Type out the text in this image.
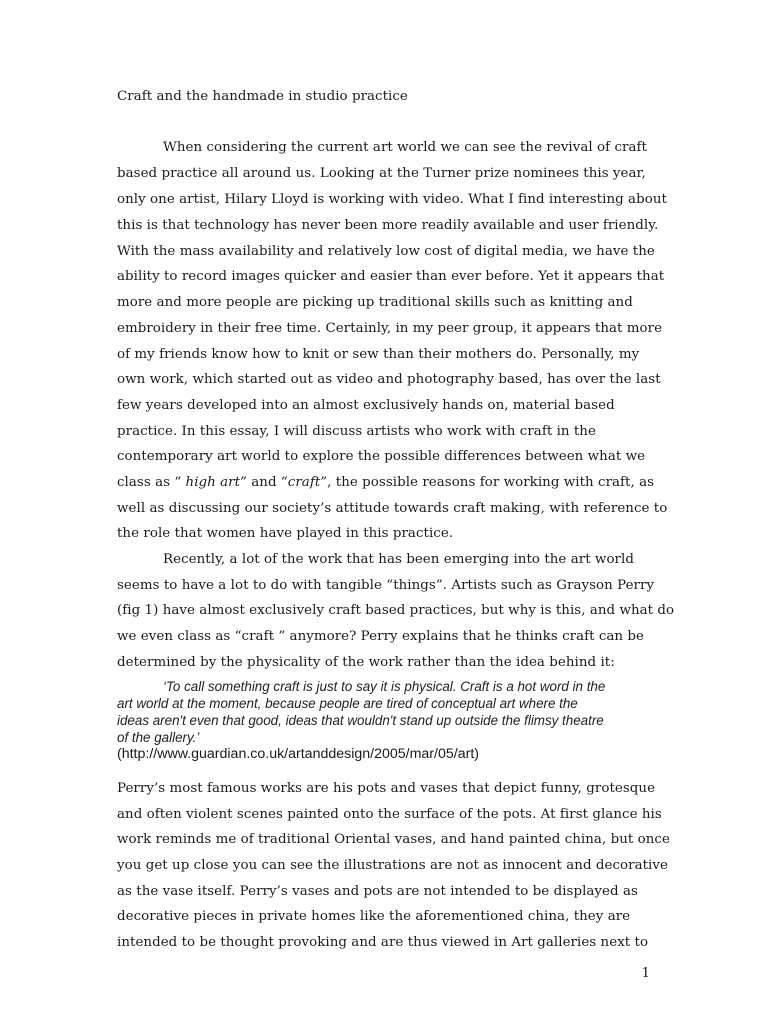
Craft and the handmade in studio practice
When considering the current art world we can see the revival of craft
based practice all around us. Looking at the Turner prize nominees this year,
only one artist, Hilary Lloyd is working with video. What I find interesting about
this is that technology has never been more readily available and user friendly.
With the mass availability and relatively low cost of digital media, we have the
ability to record images quicker and easier than ever before. Yet it appears that
more and more people are picking up traditional skills such as knitting and
embroidery in their free time. Certainly, in my peer group, it appears that more
of my friends know how to knit or sew than their mothers do. Personally, my
own work, which started out as video and photography based, has over the last
few years developed into an almost exclusively hands on, material based
practice. In this essay, I will discuss artists who work with craft in the
contemporary art world to explore the possible differences between what we
class as “ high art” and “craft”, the possible reasons for working with craft, as
well as discussing our society’s attitude towards craft making, with reference to
the role that women have played in this practice.
Recently, a lot of the work that has been emerging into the art world
seems to have a lot to do with tangible “things”. Artists such as Grayson Perry
(fig 1) have almost exclusively craft based practices, but why is this, and what do
we even class as “craft ” anymore? Perry explains that he thinks craft can be
determined by the physicality of the work rather than the idea behind it:
‘To call something craft is just to say it is physical. Craft is a hot word in the
art world at the moment, because people are tired of conceptual art where the
ideas aren't even that good, ideas that wouldn't stand up outside the flimsy theatre
of the gallery.’
(http://www.guardian.co.uk/artanddesign/2005/mar/05/art)
Perry’s most famous works are his pots and vases that depict funny, grotesque
and often violent scenes painted onto the surface of the pots. At first glance his
work reminds me of traditional Oriental vases, and hand painted china, but once
you get up close you can see the illustrations are not as innocent and decorative
as the vase itself. Perry’s vases and pots are not intended to be displayed as
decorative pieces in private homes like the aforementioned china, they are
intended to be thought provoking and are thus viewed in Art galleries next to
1
